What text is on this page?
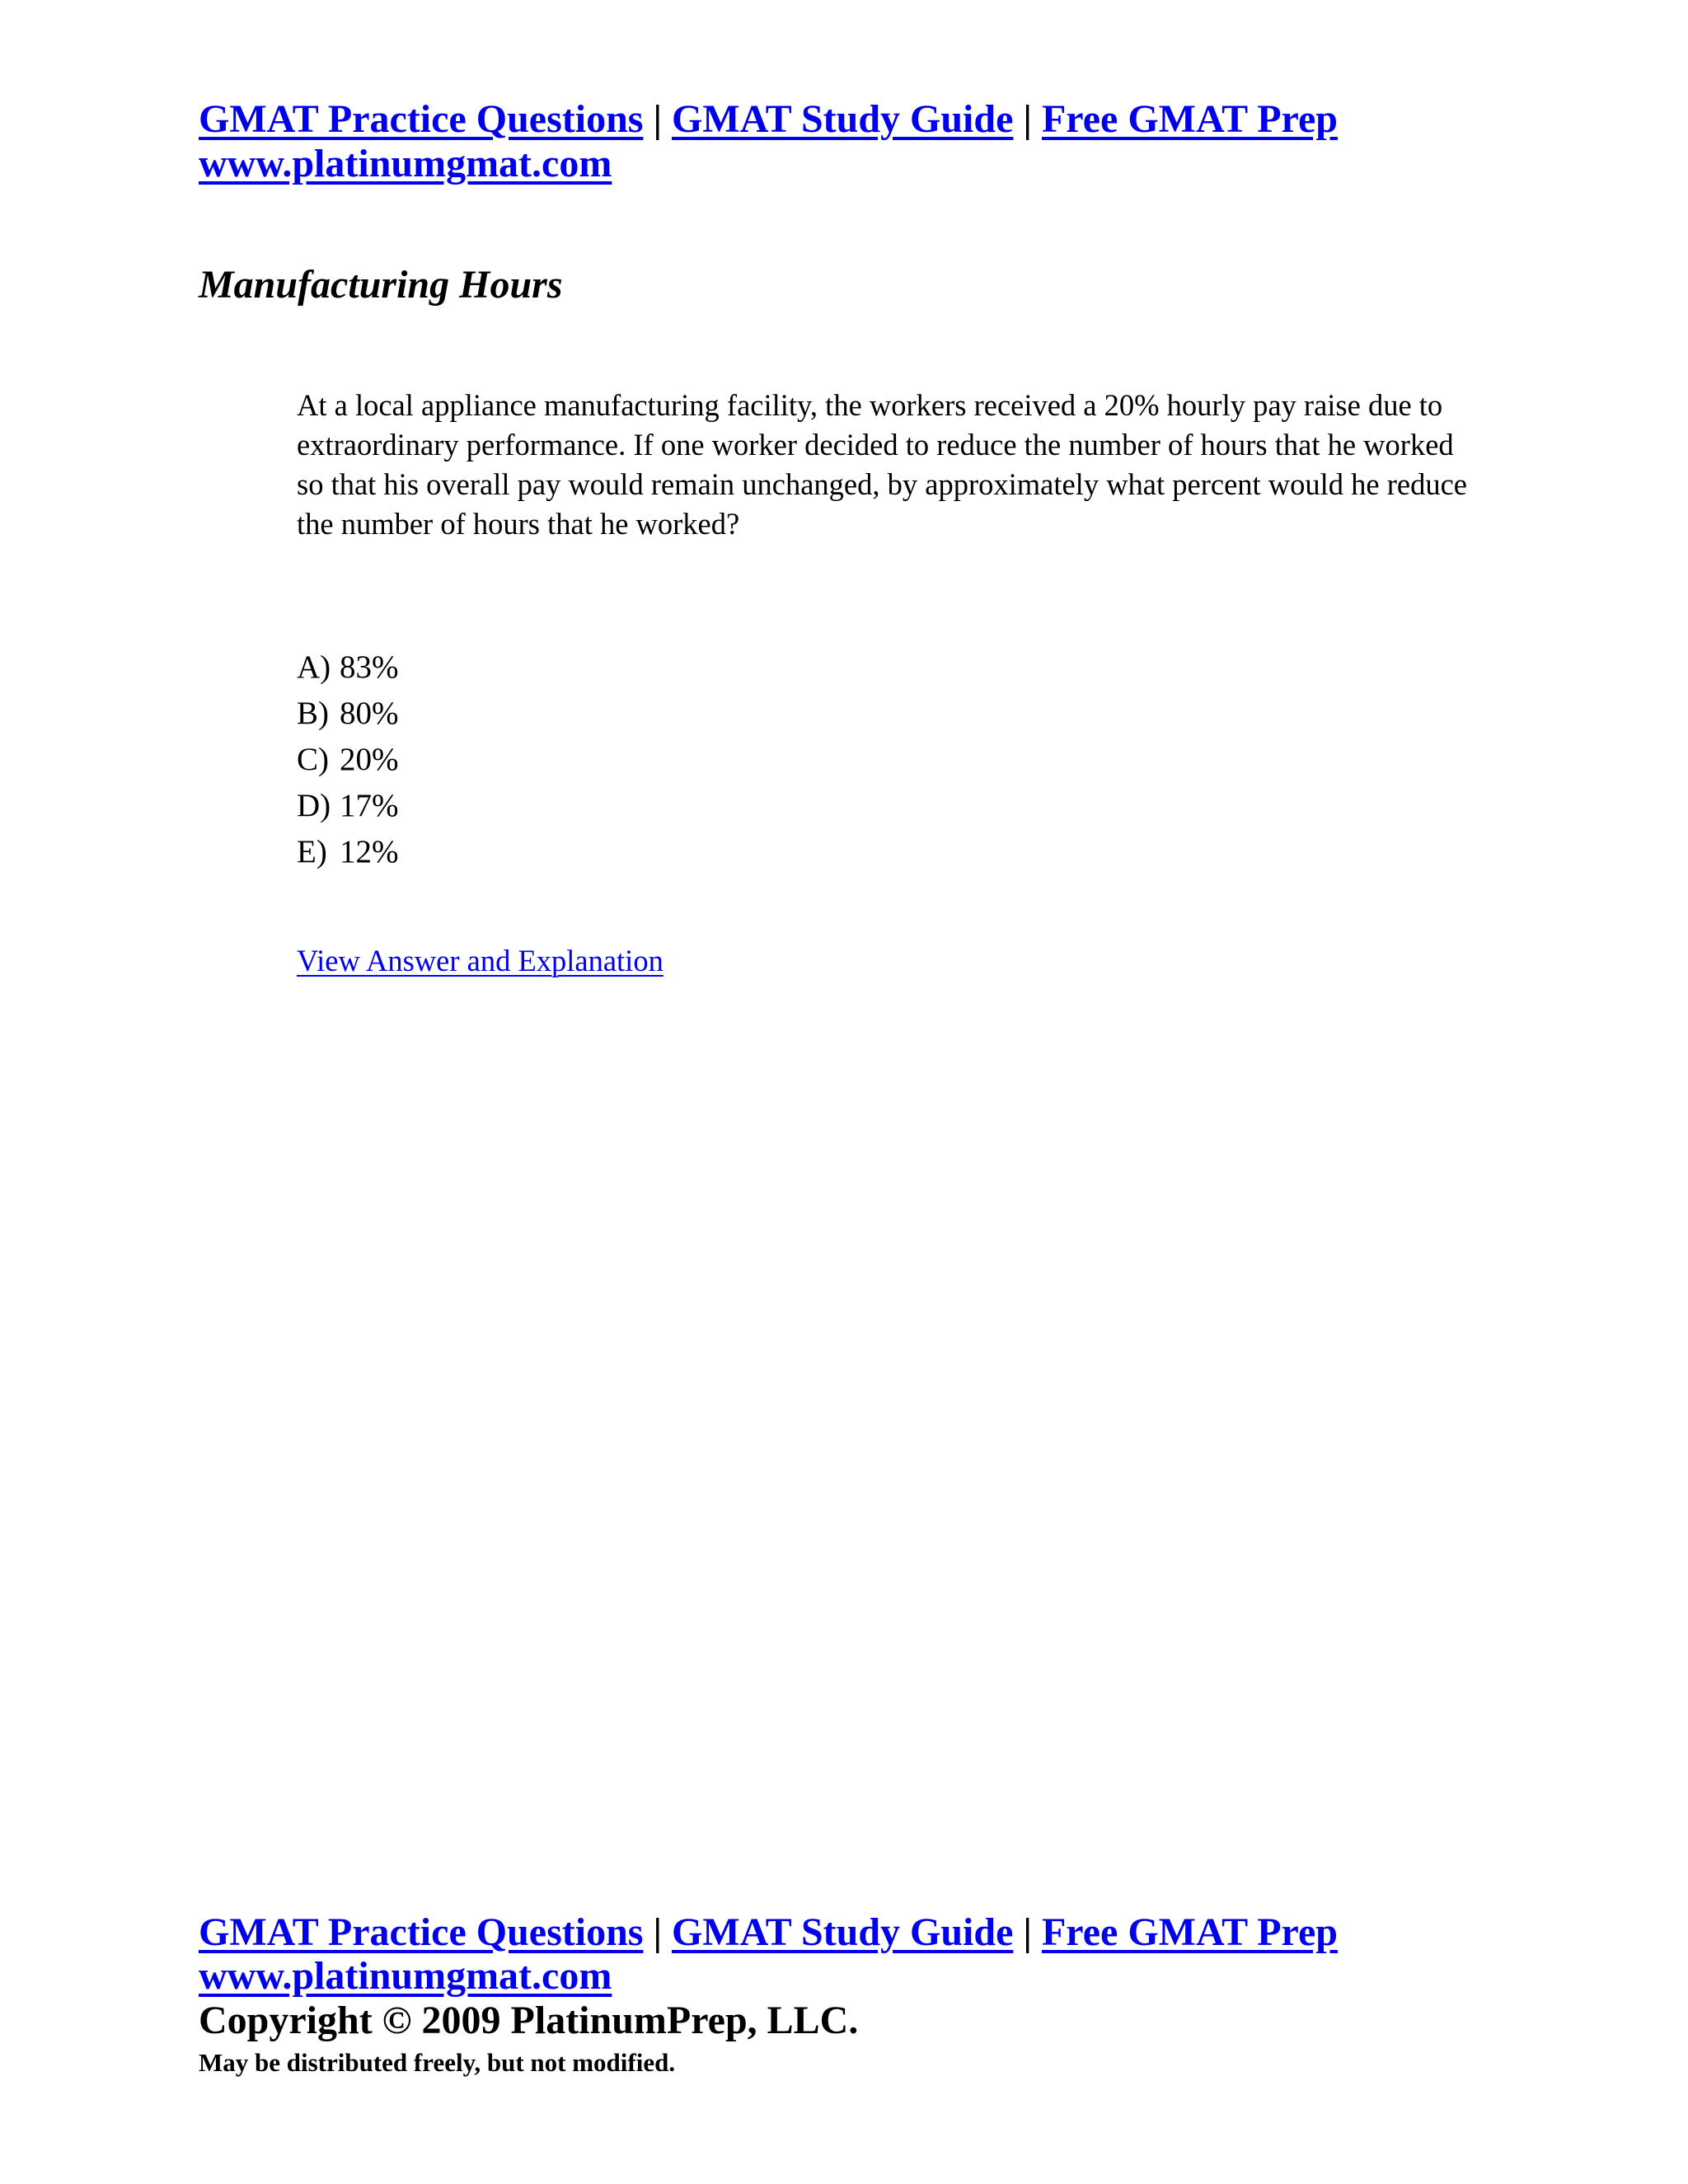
GMAT Practice Questions | GMAT Study Guide | Free GMAT Prep
www.platinumgmat.com
Manufacturing Hours

At a local appliance manufacturing facility, the workers received a 20% hourly pay raise due to extraordinary performance. If one worker decided to reduce the number of hours that he worked so that his overall pay would remain unchanged, by approximately what percent would he reduce the number of hours that he worked?

A) 83%
B) 80%
C) 20%
D) 17%
E) 12%
View Answer and Explanation
GMAT Practice Questions | GMAT Study Guide | Free GMAT Prep
www.platinumgmat.com

Copyright © 2009 PlatinumPrep, LLC.

May be distributed freely, but not modified.
